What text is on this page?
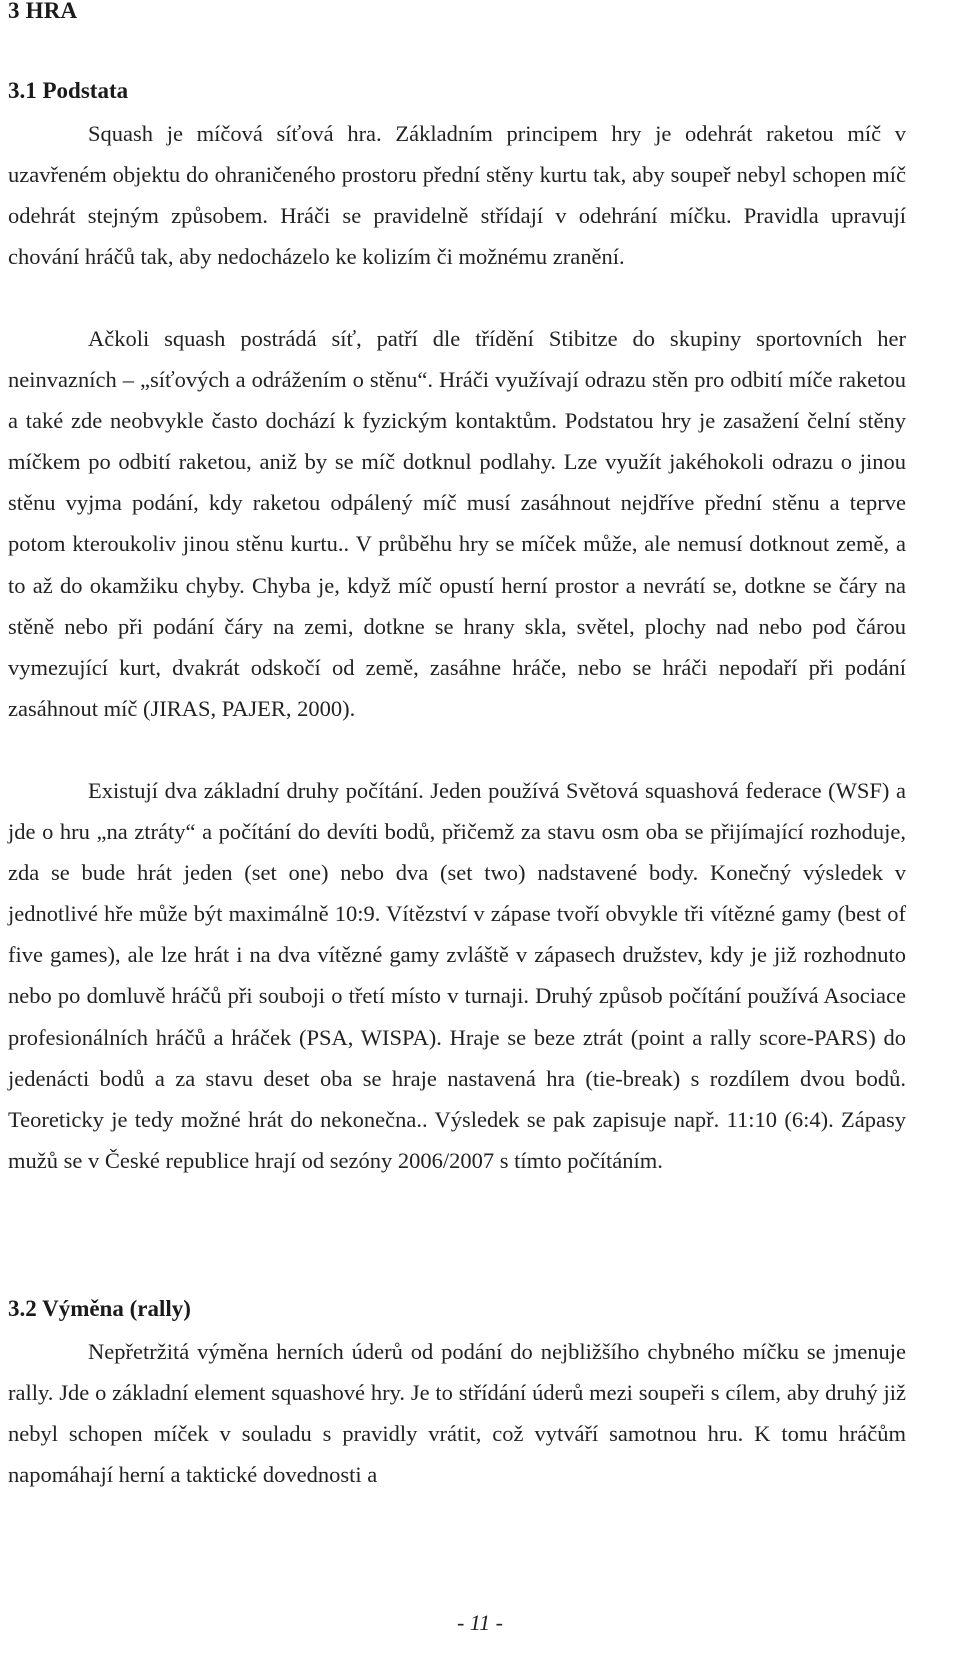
3 HRA
3.1 Podstata

Squash je míčová síťová hra. Základním principem hry je odehrát raketou míč v uzavřeném objektu do ohraničeného prostoru přední stěny kurtu tak, aby soupeř nebyl schopen míč odehrát stejným způsobem. Hráči se pravidelně střídají v odehrání míčku. Pravidla upravují chování hráčů tak, aby nedocházelo ke kolizím či možnému zranění.

Ačkoli squash postrádá síť, patří dle třídění Stibitze do skupiny sportovních her neinvazních – „síťových a odrážením o stěnu“. Hráči využívají odrazu stěn pro odbití míče raketou a také zde neobvykle často dochází k fyzickým kontaktům. Podstatou hry je zasažení čelní stěny míčkem po odbití raketou, aniž by se míč dotknul podlahy. Lze využít jakéhokoli odrazu o jinou stěnu vyjma podání, kdy raketou odpálený míč musí zasáhnout nejdříve přední stěnu a teprve potom kteroukoliv jinou stěnu kurtu.. V průběhu hry se míček může, ale nemusí dotknout země, a to až do okamžiku chyby. Chyba je, když míč opustí herní prostor a nevrátí se, dotkne se čáry na stěně nebo při podání čáry na zemi, dotkne se hrany skla, světel, plochy nad nebo pod čárou vymezující kurt, dvakrát odskočí od země, zasáhne hráče, nebo se hráči nepodaří při podání zasáhnout míč (JIRAS, PAJER, 2000).

Existují dva základní druhy počítání. Jeden používá Světová squashová federace (WSF) a jde o hru „na ztráty“ a počítání do devíti bodů, přičemž za stavu osm oba se přijímající rozhoduje, zda se bude hrát jeden (set one) nebo dva (set two) nadstavené body. Konečný výsledek v jednotlivé hře může být maximálně 10:9. Vítězství v zápase tvoří obvykle tři vítězné gamy (best of five games), ale lze hrát i na dva vítězné gamy zvláště v zápasech družstev, kdy je již rozhodnuto nebo po domluvě hráčů při souboji o třetí místo v turnaji. Druhý způsob počítání používá Asociace profesionálních hráčů a hráček (PSA, WISPA). Hraje se beze ztrát (point a rally score-PARS) do jedenácti bodů a za stavu deset oba se hraje nastavená hra (tie-break) s rozdílem dvou bodů. Teoreticky je tedy možné hrát do nekonečna.. Výsledek se pak zapisuje např. 11:10 (6:4). Zápasy mužů se v České republice hrají od sezóny 2006/2007 s tímto počítáním.

3.2 Výměna (rally)

Nepřetržitá výměna herních úderů od podání do nejbližšího chybného míčku se jmenuje rally. Jde o základní element squashové hry. Je to střídání úderů mezi soupeři s cílem, aby druhý již nebyl schopen míček v souladu s pravidly vrátit, což vytváří samotnou hru. K tomu hráčům napomáhají herní a taktické dovednosti a

- 11 -
